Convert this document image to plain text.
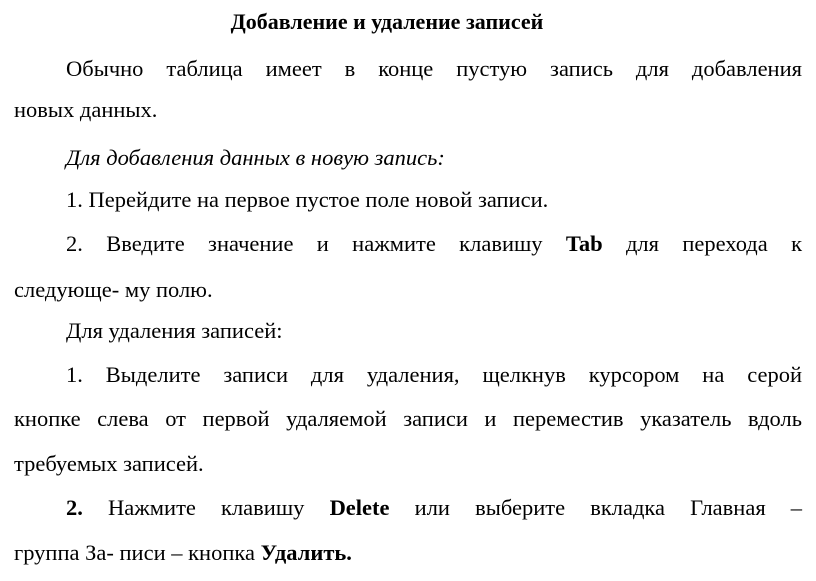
Добавление и удаление записей
Обычно таблица имеет в конце пустую запись для добавления
новых данных.
Для добавления данных в новую запись:
1. Перейдите на первое пустое поле новой записи.
2. Введите значение и нажмите клавишу Tab для перехода к
следующе- му полю.
Для удаления записей:
1. Выделите записи для удаления, щелкнув курсором на серой
кнопке слева от первой удаляемой записи и переместив указатель вдоль
требуемых записей.
2. Нажмите клавишу Delete или выберите вкладка Главная –
группа За- писи – кнопка Удалить.
